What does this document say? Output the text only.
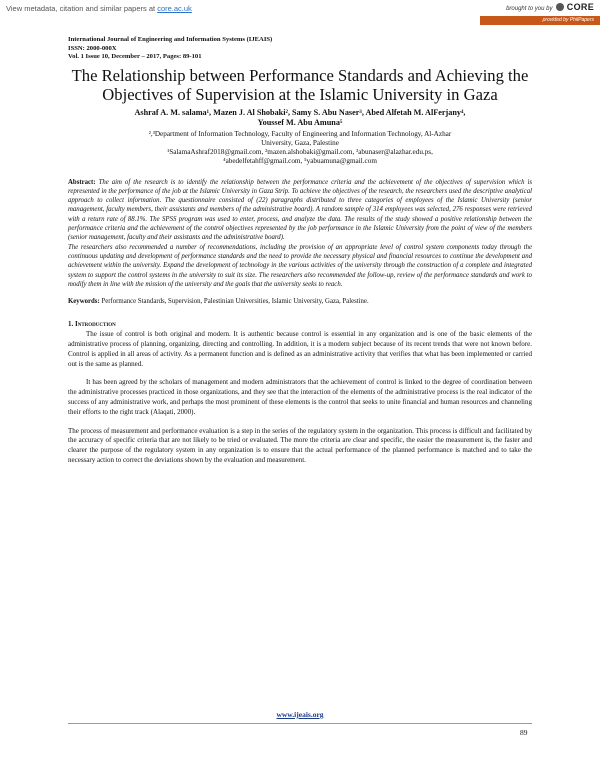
View metadata, citation and similar papers at core.ac.uk	brought to you by CORE
provided by PhilPapers
International Journal of Engineering and Information Systems (IJEAIS)
ISSN: 2000-000X
Vol. 1 Issue 10, December – 2017, Pages: 89-101
The Relationship between Performance Standards and Achieving the Objectives of Supervision at the Islamic University in Gaza
Ashraf A. M. salama¹, Mazen J. Al Shobaki², Samy S. Abu Naser³, Abed Alfetah M. AlFerjany⁴,
Youssef M. Abu Amuna⁵
²,³Department of Information Technology, Faculty of Engineering and Information Technology, Al-Azhar
University, Gaza, Palestine
¹SalamaAshraf2018@gmail.com, ²mazen.alshobaki@gmail.com, ³abunaser@alazhar.edu.ps,
⁴abedelfetahff@gmail.com, ⁵yabuamuna@gmail.com
Abstract: The aim of the research is to identify the relationship between the performance criteria and the achievement of the objectives of supervision which is represented in the performance of the job at the Islamic University in Gaza Strip. To achieve the objectives of the research, the researchers used the descriptive analytical approach to collect information. The questionnaire consisted of (22) paragraphs distributed to three categories of employees of the Islamic University (senior management, faculty members, their assistants and members of the administrative board). A random sample of 314 employees was selected, 276 responses were retrieved with a return rate of 88.1%. The SPSS program was used to enter, process, and analyze the data. The results of the study showed a positive relationship between the performance criteria and the achievement of the control objectives represented by the job performance in the Islamic University from the point of view of the members (senior management, faculty and their assistants and the administrative board).
The researchers also recommended a number of recommendations, including the provision of an appropriate level of control system components today through the continuous updating and development of performance standards and the need to provide the necessary physical and financial resources to continue the development and achievement within the university. Expand the development of technology in the various activities of the university through the construction of a complete and integrated system to support the control systems in the university to suit its size. The researchers also recommended the follow-up, review of the performance standards and work to modify them in line with the mission of the university and the goals that the university seeks to reach.
Keywords: Performance Standards, Supervision, Palestinian Universities, Islamic University, Gaza, Palestine.
1. Introduction
The issue of control is both original and modern. It is authentic because control is essential in any organization and is one of the basic elements of the administrative process of planning, organizing, directing and controlling. In addition, it is a modern subject because of its recent trends that were not known before. Control is applied in all areas of activity. As a permanent function and is defined as an administrative activity that verifies that what has been implemented or carried out is the same as planned.
It has been agreed by the scholars of management and modern administrators that the achievement of control is linked to the degree of coordination between the administrative processes practiced in those organizations, and they see that the interaction of the elements of the administrative process is the real indicator of the success of any administrative work, and perhaps the most prominent of these elements is the control that seeks to unite financial and human resources and channeling their efforts to the right track (Alaqati, 2000).
The process of measurement and performance evaluation is a step in the series of the regulatory system in the organization. This process is difficult and facilitated by the accuracy of specific criteria that are not likely to be tried or evaluated. The more the criteria are clear and specific, the easier the measurement is, the faster and clearer the purpose of the regulatory system in any organization is to ensure that the actual performance of the planned performance is matched and to take the necessary action to correct the deviations shown by the evaluation and measurement.
www.ijeais.org
89
